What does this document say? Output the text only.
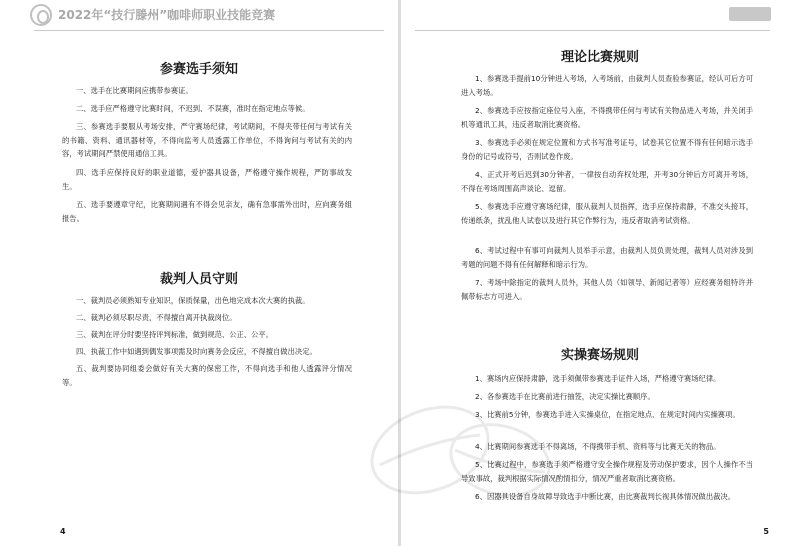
2022年“技行滕州”咖啡师职业技能竞赛
参赛选手须知

一、选手在比赛期间应携带参赛证。

二、选手应严格遵守比赛时间，不迟到、不误赛，准时在指定地点等候。

三、参赛选手要服从考场安排，严守赛场纪律，考试期间，不得夹带任何与考试有关的书籍、资料、通讯器材等，不得向监考人员透露工作单位，不得询问与考试有关的内容，考试期间严禁使用通信工具。

四、选手应保持良好的职业道德，爱护器具设备，严格遵守操作规程，严防事故发生。

五、选手要遵章守纪，比赛期间遇有不得会见亲友，确有急事需外出时，应向赛务组报告。

裁判人员守则

一、裁判员必须熟知专业知识，保质保量，出色地完成本次大赛的执裁。

二、裁判必须尽职尽责，不得擅自离开执裁岗位。

三、裁判在评分时要坚持评判标准，做到规范、公正、公平。

四、执裁工作中如遇到偶发事项需及时向赛务会反应，不得擅自做出决定。

五、裁判要协同组委会做好有关大赛的保密工作，不得向选手和他人透露评分情况等。

4
理论比赛规则

1、参赛选手提前10分钟进入考场，入考场前，由裁判人员查验参赛证，经认可后方可进入考场。

2、参赛选手应按指定座位号入座，不得携带任何与考试有关物品进入考场，并关闭手机等通讯工具，违反者取消比赛资格。

3、参赛选手必须在规定位置和方式书写准考证号，试卷其它位置不得有任何暗示选手身份的记号或符号，否则试卷作废。

4、正式开考后迟到30分钟者，一律按自动弃权处理，开考30分钟后方可离开考场，不得在考场周围高声谈论、逗留。

5、参赛选手应遵守赛场纪律，服从裁判人员指挥，选手应保持肃静，不准交头接耳，传递纸条，扰乱他人试卷以及进行其它作弊行为，违反者取消考试资格。

6、考试过程中有事可向裁判人员举手示意，由裁判人员负责处理，裁判人员对涉及到考题的问题不得有任何解释和暗示行为。

7、考场中除指定的裁判人员外，其他人员（如领导、新闻记者等）应经赛务组特许并佩带标志方可进入。

实操赛场规则

1、赛场内应保持肃静，选手须佩带参赛选手证件入场，严格遵守赛场纪律。

2、各参赛选手在比赛前进行抽签，决定实操比赛顺序。

3、比赛前5分钟，参赛选手进入实操桌位，在指定地点、在规定时间内实操赛项。

4、比赛期间参赛选手不得离场，不得携带手机、资料等与比赛无关的物品。

5、比赛过程中，参赛选手须严格遵守安全操作规程及劳动保护要求，因个人操作不当导致事故，裁判根据实际情况酌情扣分，情况严重者取消比赛资格。

6、因器具设备自身故障导致选手中断比赛，由比赛裁判长视具体情况做出裁决。

5
